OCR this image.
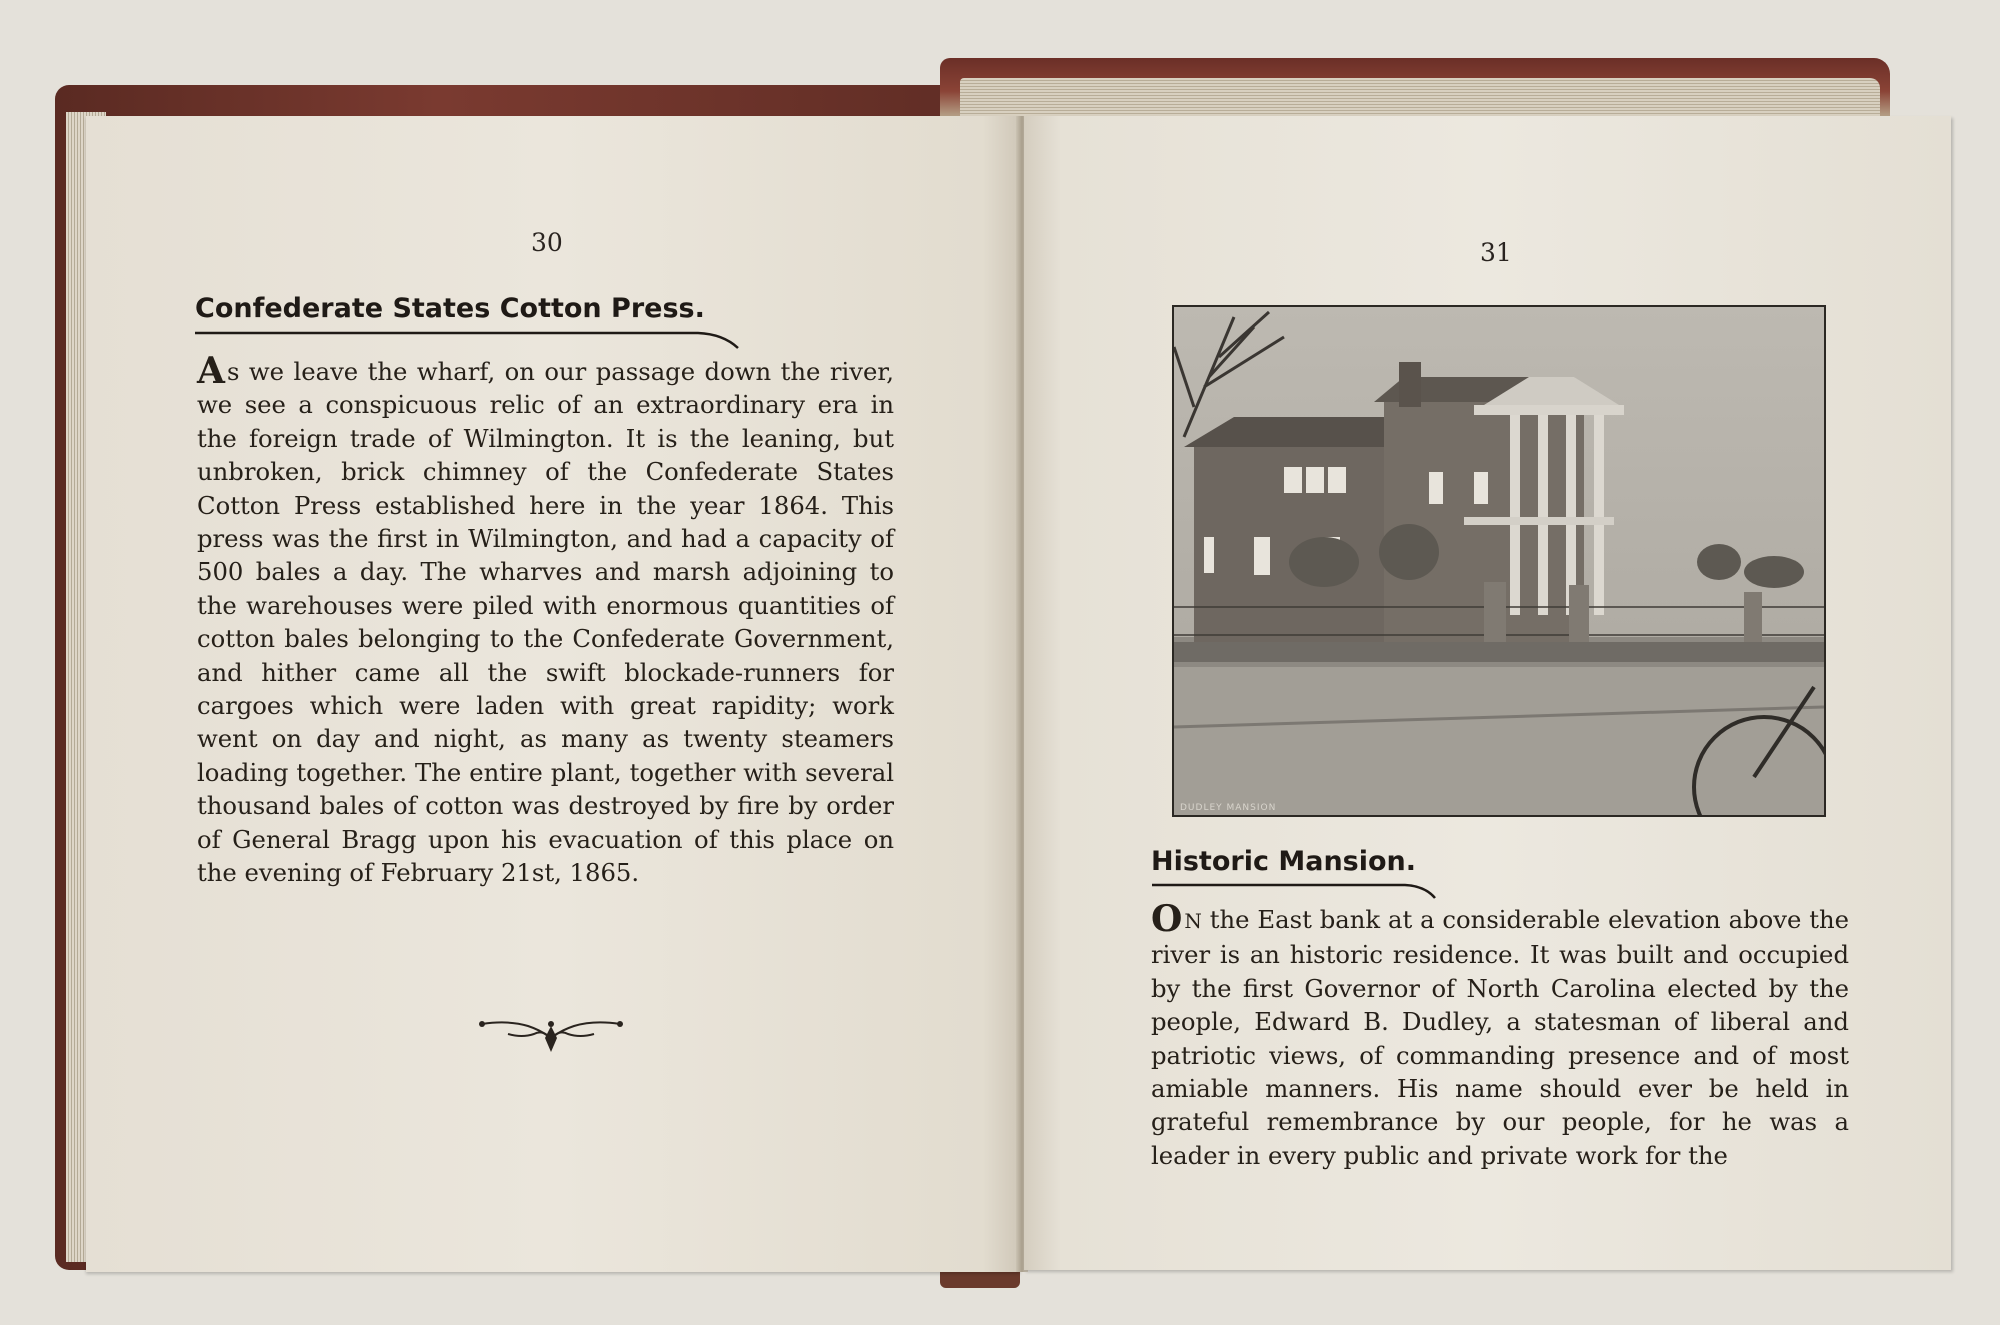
30
Confederate States Cotton Press.

As we leave the wharf, on our passage down the river, we see a conspicuous relic of an extraordinary era in the foreign trade of Wilmington. It is the leaning, but unbroken, brick chimney of the Confederate States Cotton Press established here in the year 1864. This press was the first in Wilmington, and had a capacity of 500 bales a day. The wharves and marsh adjoining to the warehouses were piled with enormous quantities of cotton bales belonging to the Confederate Government, and hither came all the swift blockade-runners for cargoes which were laden with great rapidity; work went on day and night, as many as twenty steamers loading together. The entire plant, together with several thousand bales of cotton was destroyed by fire by order of General Bragg upon his evacuation of this place on the evening of February 21st, 1865.

31
DUDLEY MANSION
Historic Mansion.

O N the East bank at a considerable elevation above the river is an historic residence. It was built and occupied by the first Governor of North Carolina elected by the people, Edward B. Dudley, a statesman of liberal and patriotic views, of commanding presence and of most amiable manners. His name should ever be held in grateful remembrance by our people, for he was a leader in every public and private work for the
